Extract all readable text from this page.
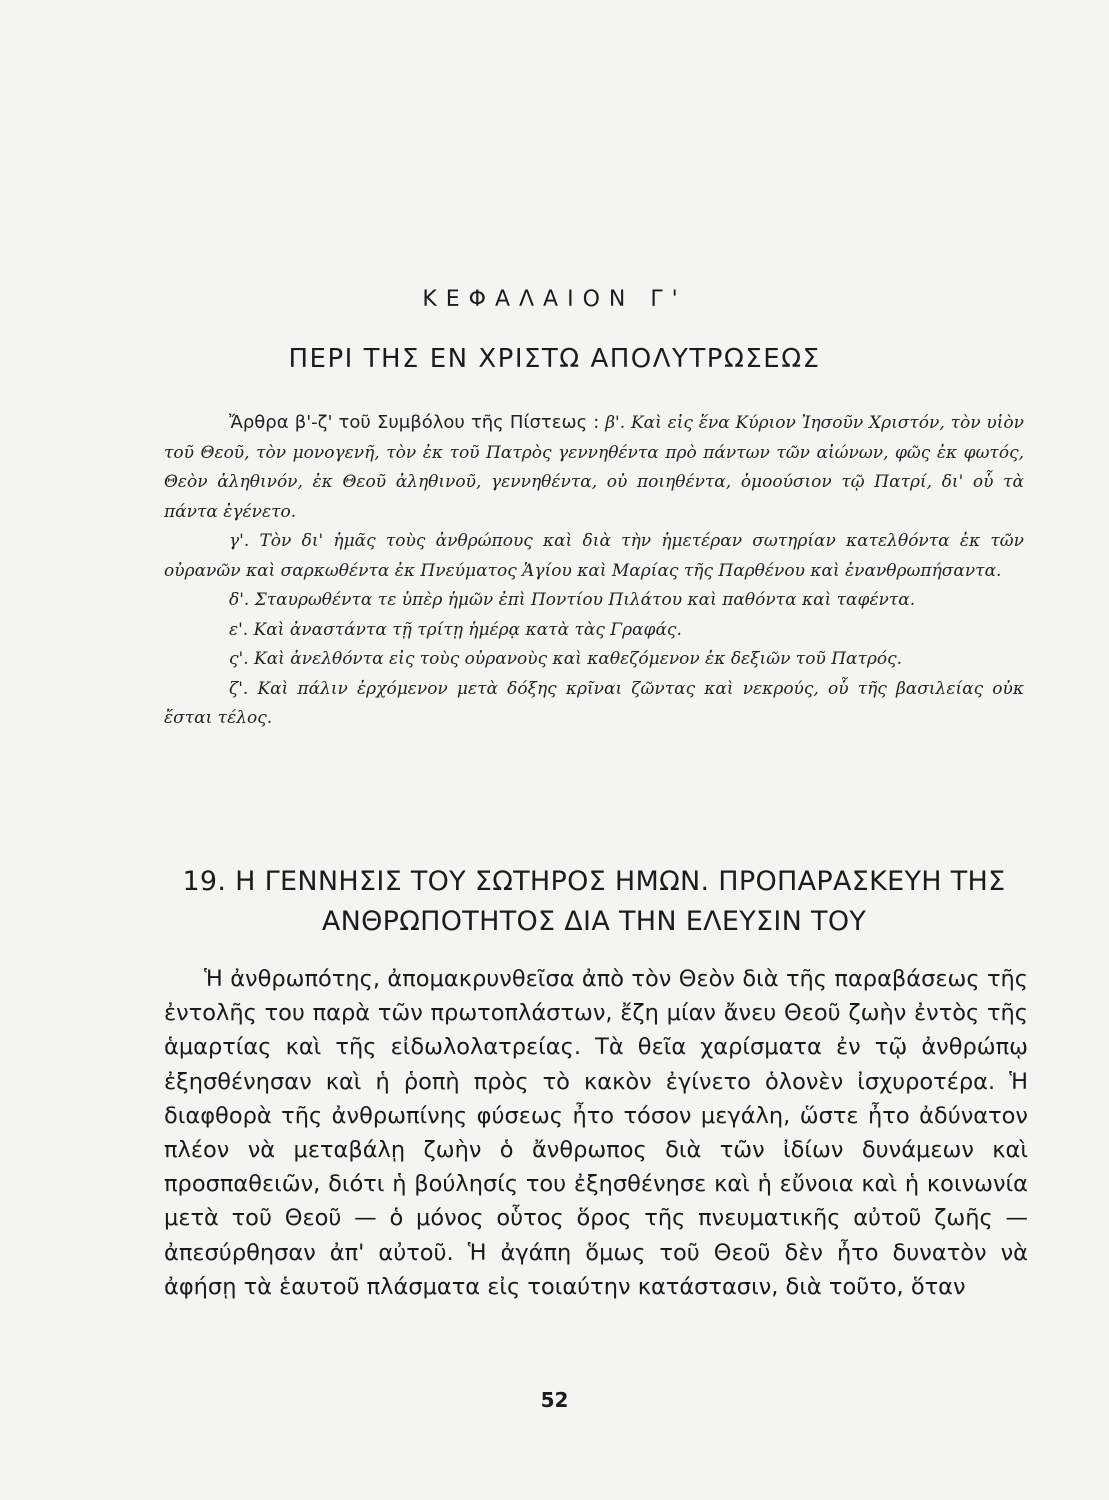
ΚΕΦΑΛΑΙΟΝ Γ'
ΠΕΡΙ ΤΗΣ ΕΝ ΧΡΙΣΤΩ ΑΠΟΛΥΤΡΩΣΕΩΣ

Ἄρθρα β'-ζ' τοῦ Συμβόλου τῆς Πίστεως : β'. Καὶ εἰς ἕνα Κύριον Ἰησοῦν Χριστόν, τὸν υἱὸν τοῦ Θεοῦ, τὸν μονογενῆ, τὸν ἐκ τοῦ Πατρὸς γεννηθέντα πρὸ πάντων τῶν αἰώνων, φῶς ἐκ φωτός, Θεὸν ἀληθινόν, ἐκ Θεοῦ ἀληθινοῦ, γεννηθέντα, οὐ ποιηθέντα, ὁμοούσιον τῷ Πατρί, δι' οὗ τὰ πάντα ἐγένετο.

γ'. Τὸν δι' ἡμᾶς τοὺς ἀνθρώπους καὶ διὰ τὴν ἡμετέραν σωτηρίαν κατελθόντα ἐκ τῶν οὐρανῶν καὶ σαρκωθέντα ἐκ Πνεύματος Ἁγίου καὶ Μαρίας τῆς Παρθένου καὶ ἐνανθρωπήσαντα.

δ'. Σταυρωθέντα τε ὑπὲρ ἡμῶν ἐπὶ Ποντίου Πιλάτου καὶ παθόντα καὶ ταφέντα.

ε'. Καὶ ἀναστάντα τῇ τρίτῃ ἡμέρᾳ κατὰ τὰς Γραφάς.

ς'. Καὶ ἀνελθόντα εἰς τοὺς οὐρανοὺς καὶ καθεζόμενον ἐκ δεξιῶν τοῦ Πατρός.

ζ'. Καὶ πάλιν ἐρχόμενον μετὰ δόξης κρῖναι ζῶντας καὶ νεκρούς, οὗ τῆς βασιλείας οὐκ ἔσται τέλος.

19. Η ΓΕΝΝΗΣΙΣ ΤΟΥ ΣΩΤΗΡΟΣ ΗΜΩΝ. ΠΡΟΠΑΡΑΣΚΕΥΗ ΤΗΣ ΑΝΘΡΩΠΟΤΗΤΟΣ ΔΙΑ ΤΗΝ ΕΛΕΥΣΙΝ ΤΟΥ

Ἡ ἀνθρωπότης, ἀπομακρυνθεῖσα ἀπὸ τὸν Θεὸν διὰ τῆς παραβάσεως τῆς ἐντολῆς του παρὰ τῶν πρωτοπλάστων, ἔζη μίαν ἄνευ Θεοῦ ζωὴν ἐντὸς τῆς ἁμαρτίας καὶ τῆς εἰδωλολατρείας. Τὰ θεῖα χαρίσματα ἐν τῷ ἀνθρώπῳ ἐξησθένησαν καὶ ἡ ῥοπὴ πρὸς τὸ κακὸν ἐγίνετο ὁλονὲν ἰσχυροτέρα. Ἡ διαφθορὰ τῆς ἀνθρωπίνης φύσεως ἦτο τόσον μεγάλη, ὥστε ἦτο ἀδύνατον πλέον νὰ μεταβάλῃ ζωὴν ὁ ἄνθρωπος διὰ τῶν ἰδίων δυνάμεων καὶ προσπαθειῶν, διότι ἡ βούλησίς του ἐξησθένησε καὶ ἡ εὔνοια καὶ ἡ κοινωνία μετὰ τοῦ Θεοῦ — ὁ μόνος οὗτος ὅρος τῆς πνευματικῆς αὐτοῦ ζωῆς — ἀπεσύρθησαν ἀπ' αὐτοῦ. Ἡ ἀγάπη ὅμως τοῦ Θεοῦ δὲν ἦτο δυνατὸν νὰ ἀφήσῃ τὰ ἑαυτοῦ πλάσματα εἰς τοιαύτην κατάστασιν, διὰ τοῦτο, ὅταν

52
